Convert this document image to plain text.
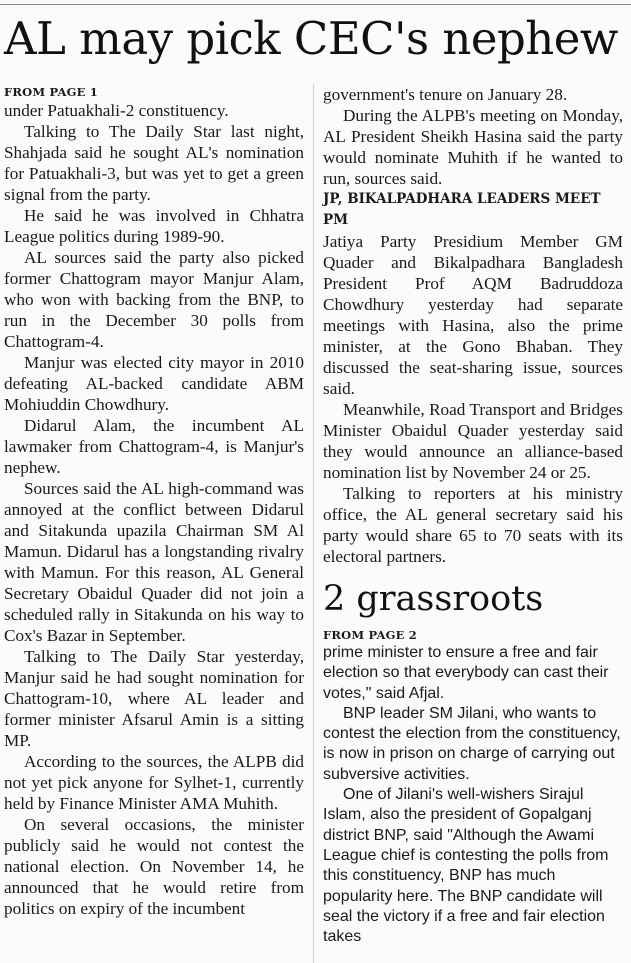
AL may pick CEC's nephew
FROM PAGE 1

under Patuakhali-2 constituency.

Talking to The Daily Star last night, Shahjada said he sought AL's nomination for Patuakhali-3, but was yet to get a green signal from the party.

He said he was involved in Chhatra League politics during 1989-90.

AL sources said the party also picked former Chattogram mayor Manjur Alam, who won with backing from the BNP, to run in the December 30 polls from Chattogram-4.

Manjur was elected city mayor in 2010 defeating AL-backed candidate ABM Mohiuddin Chowdhury.

Didarul Alam, the incumbent AL lawmaker from Chattogram-4, is Manjur's nephew.

Sources said the AL high-command was annoyed at the conflict between Didarul and Sitakunda upazila Chairman SM Al Mamun. Didarul has a longstanding rivalry with Mamun. For this reason, AL General Secretary Obaidul Quader did not join a scheduled rally in Sitakunda on his way to Cox's Bazar in September.

Talking to The Daily Star yesterday, Manjur said he had sought nomination for Chattogram-10, where AL leader and former minister Afsarul Amin is a sitting MP.

According to the sources, the ALPB did not yet pick anyone for Sylhet-1, currently held by Finance Minister AMA Muhith.

On several occasions, the minister publicly said he would not contest the national election. On November 14, he announced that he would retire from politics on expiry of the incumbent

government's tenure on January 28.

During the ALPB's meeting on Monday, AL President Sheikh Hasina said the party would nominate Muhith if he wanted to run, sources said.

JP, BIKALPADHARA LEADERS MEET PM

Jatiya Party Presidium Member GM Quader and Bikalpadhara Bangladesh President Prof AQM Badruddoza Chowdhury yesterday had separate meetings with Hasina, also the prime minister, at the Gono Bhaban. They discussed the seat-sharing issue, sources said.

Meanwhile, Road Transport and Bridges Minister Obaidul Quader yesterday said they would announce an alliance-based nomination list by November 24 or 25.

Talking to reporters at his ministry office, the AL general secretary said his party would share 65 to 70 seats with its electoral partners.

2 grassroots
FROM PAGE 2

prime minister to ensure a free and fair election so that everybody can cast their votes," said Afjal.

BNP leader SM Jilani, who wants to contest the election from the constituency, is now in prison on charge of carrying out subversive activities.

One of Jilani's well-wishers Sirajul Islam, also the president of Gopalganj district BNP, said "Although the Awami League chief is contesting the polls from this constituency, BNP has much popularity here. The BNP candidate will seal the victory if a free and fair election takes
